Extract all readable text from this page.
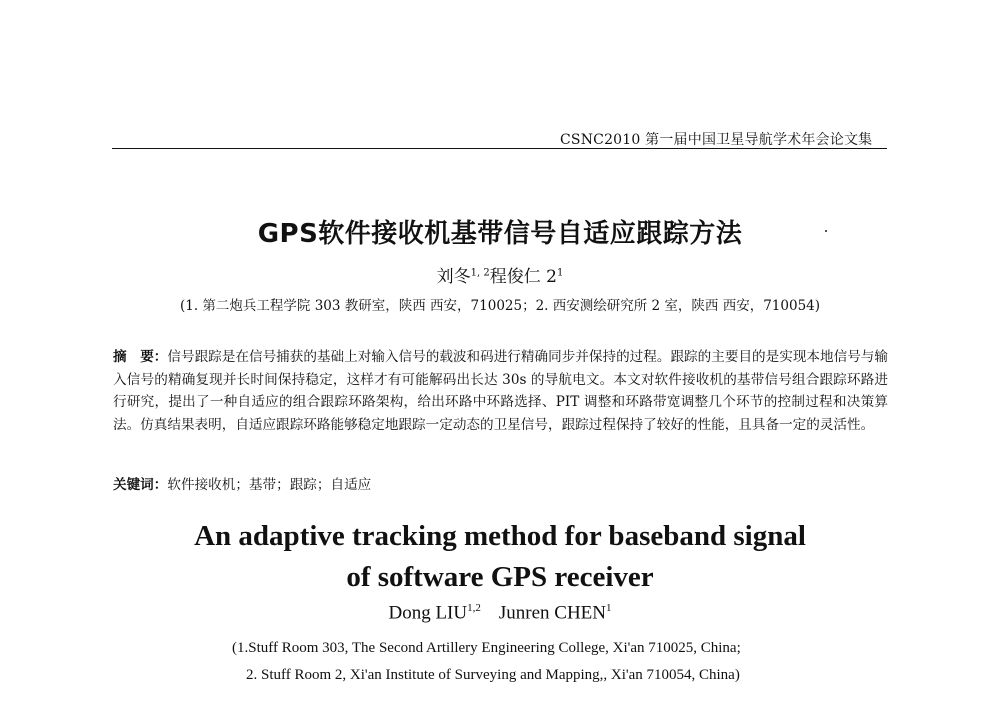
CSNC2010 第一届中国卫星导航学术年会论文集
GPS软件接收机基带信号自适应跟踪方法
刘冬$^{1, 2}$程俊仁 $2^1$
(1. 第二炮兵工程学院 303 教研室，陕西 西安，710025；2. 西安测绘研究所 2 室，陕西 西安，710054)
摘　要：信号跟踪是在信号捕获的基础上对输入信号的载波和码进行精确同步并保持的过程。跟踪的主要目的是实现本地信号与输入信号的精确复现并长时间保持稳定，这样才有可能解码出长达 30s 的导航电文。本文对软件接收机的基带信号组合跟踪环路进行研究，提出了一种自适应的组合跟踪环路架构，给出环路中环路选择、PIT 调整和环路带宽调整几个环节的控制过程和决策算法。仿真结果表明，自适应跟踪环路能够稳定地跟踪一定动态的卫星信号，跟踪过程保持了较好的性能，且具备一定的灵活性。
关键词：软件接收机；基带；跟踪；自适应
An adaptive tracking method for baseband signal
of software GPS receiver
Dong LIU$^{1,2}$ Junren CHEN$^1$
(1.Stuff Room 303, The Second Artillery Engineering College, Xi'an 710025, China;
2. Stuff Room 2, Xi'an Institute of Surveying and Mapping,, Xi'an 710054, China)
